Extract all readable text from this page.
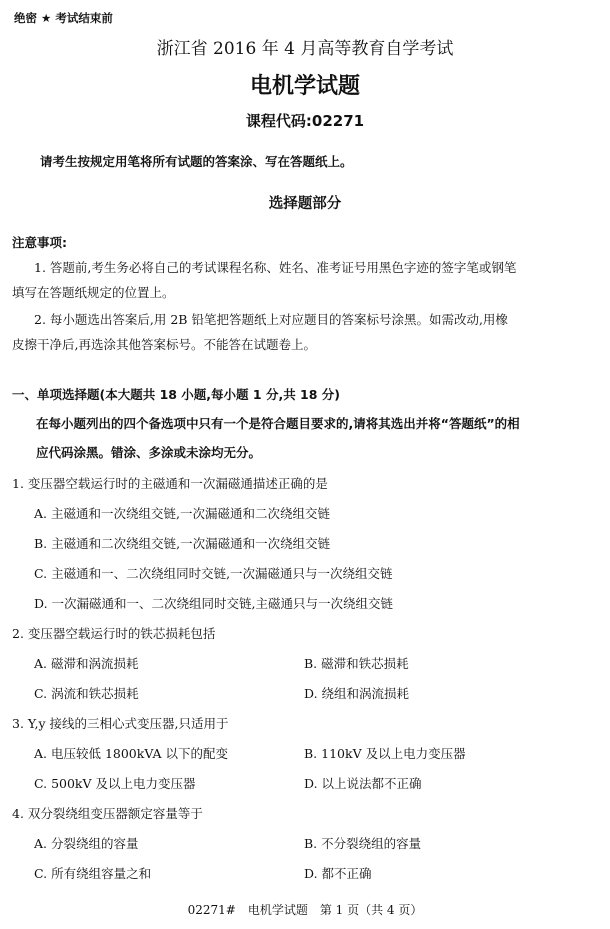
绝密 ★ 考试结束前
浙江省 2016 年 4 月高等教育自学考试
电机学试题
课程代码:02271
请考生按规定用笔将所有试题的答案涂、写在答题纸上。
选择题部分
注意事项:
1. 答题前,考生务必将自己的考试课程名称、姓名、准考证号用黑色字迹的签字笔或钢笔
填写在答题纸规定的位置上。
2. 每小题选出答案后,用 2B 铅笔把答题纸上对应题目的答案标号涂黑。如需改动,用橡
皮擦干净后,再选涂其他答案标号。不能答在试题卷上。
一、单项选择题(本大题共 18 小题,每小题 1 分,共 18 分)
在每小题列出的四个备选项中只有一个是符合题目要求的,请将其选出并将“答题纸”的相
应代码涂黑。错涂、多涂或未涂均无分。
1. 变压器空载运行时的主磁通和一次漏磁通描述正确的是
A. 主磁通和一次绕组交链,一次漏磁通和二次绕组交链
B. 主磁通和二次绕组交链,一次漏磁通和一次绕组交链
C. 主磁通和一、二次绕组同时交链,一次漏磁通只与一次绕组交链
D. 一次漏磁通和一、二次绕组同时交链,主磁通只与一次绕组交链
2. 变压器空载运行时的铁芯损耗包括
A. 磁滞和涡流损耗	B. 磁滞和铁芯损耗
C. 涡流和铁芯损耗	D. 绕组和涡流损耗
3. Y,y 接线的三相心式变压器,只适用于
A. 电压较低 1800kVA 以下的配变	B. 110kV 及以上电力变压器
C. 500kV 及以上电力变压器	D. 以上说法都不正确
4. 双分裂绕组变压器额定容量等于
A. 分裂绕组的容量	B. 不分裂绕组的容量
C. 所有绕组容量之和	D. 都不正确
02271#　电机学试题　第 1 页（共 4 页）
